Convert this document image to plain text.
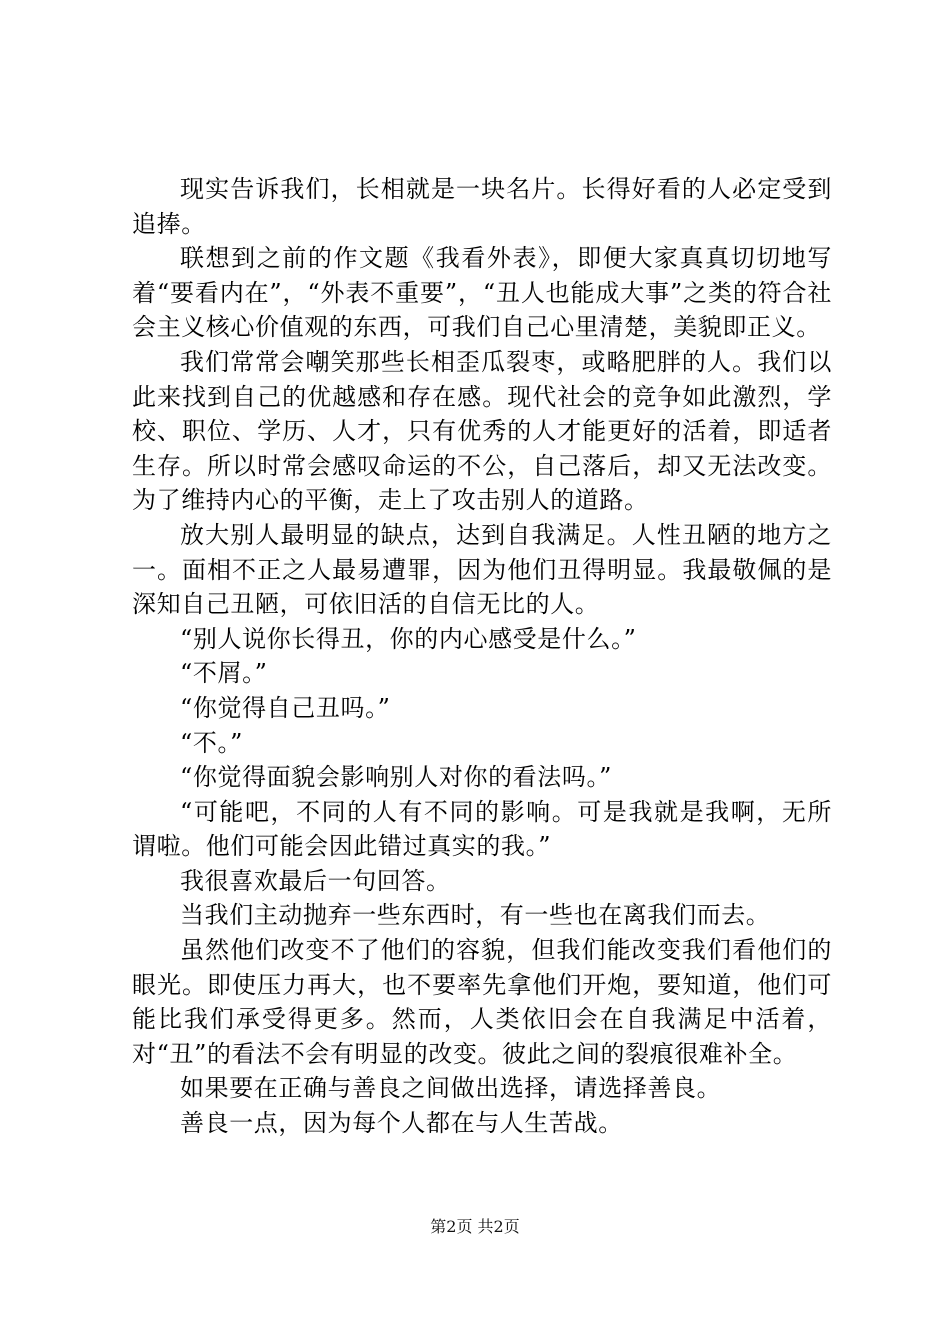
现实告诉我们，长相就是一块名片。长得好看的人必定受到追捧。

联想到之前的作文题《我看外表》，即便大家真真切切地写着“要看内在”，“外表不重要”，“丑人也能成大事”之类的符合社会主义核心价值观的东西，可我们自己心里清楚，美貌即正义。

我们常常会嘲笑那些长相歪瓜裂枣，或略肥胖的人。我们以此来找到自己的优越感和存在感。现代社会的竞争如此激烈，学校、职位、学历、人才，只有优秀的人才能更好的活着，即适者生存。所以时常会感叹命运的不公，自己落后，却又无法改变。为了维持内心的平衡，走上了攻击别人的道路。

放大别人最明显的缺点，达到自我满足。人性丑陋的地方之一。面相不正之人最易遭罪，因为他们丑得明显。我最敬佩的是深知自己丑陋，可依旧活的自信无比的人。

“别人说你长得丑，你的内心感受是什么。”

“不屑。”

“你觉得自己丑吗。”

“不。”

“你觉得面貌会影响别人对你的看法吗。”

“可能吧，不同的人有不同的影响。可是我就是我啊，无所谓啦。他们可能会因此错过真实的我。”

我很喜欢最后一句回答。

当我们主动抛弃一些东西时，有一些也在离我们而去。

虽然他们改变不了他们的容貌，但我们能改变我们看他们的眼光。即使压力再大，也不要率先拿他们开炮，要知道，他们可能比我们承受得更多。然而，人类依旧会在自我满足中活着，对“丑”的看法不会有明显的改变。彼此之间的裂痕很难补全。

如果要在正确与善良之间做出选择，请选择善良。

善良一点，因为每个人都在与人生苦战。

第2页 共2页
